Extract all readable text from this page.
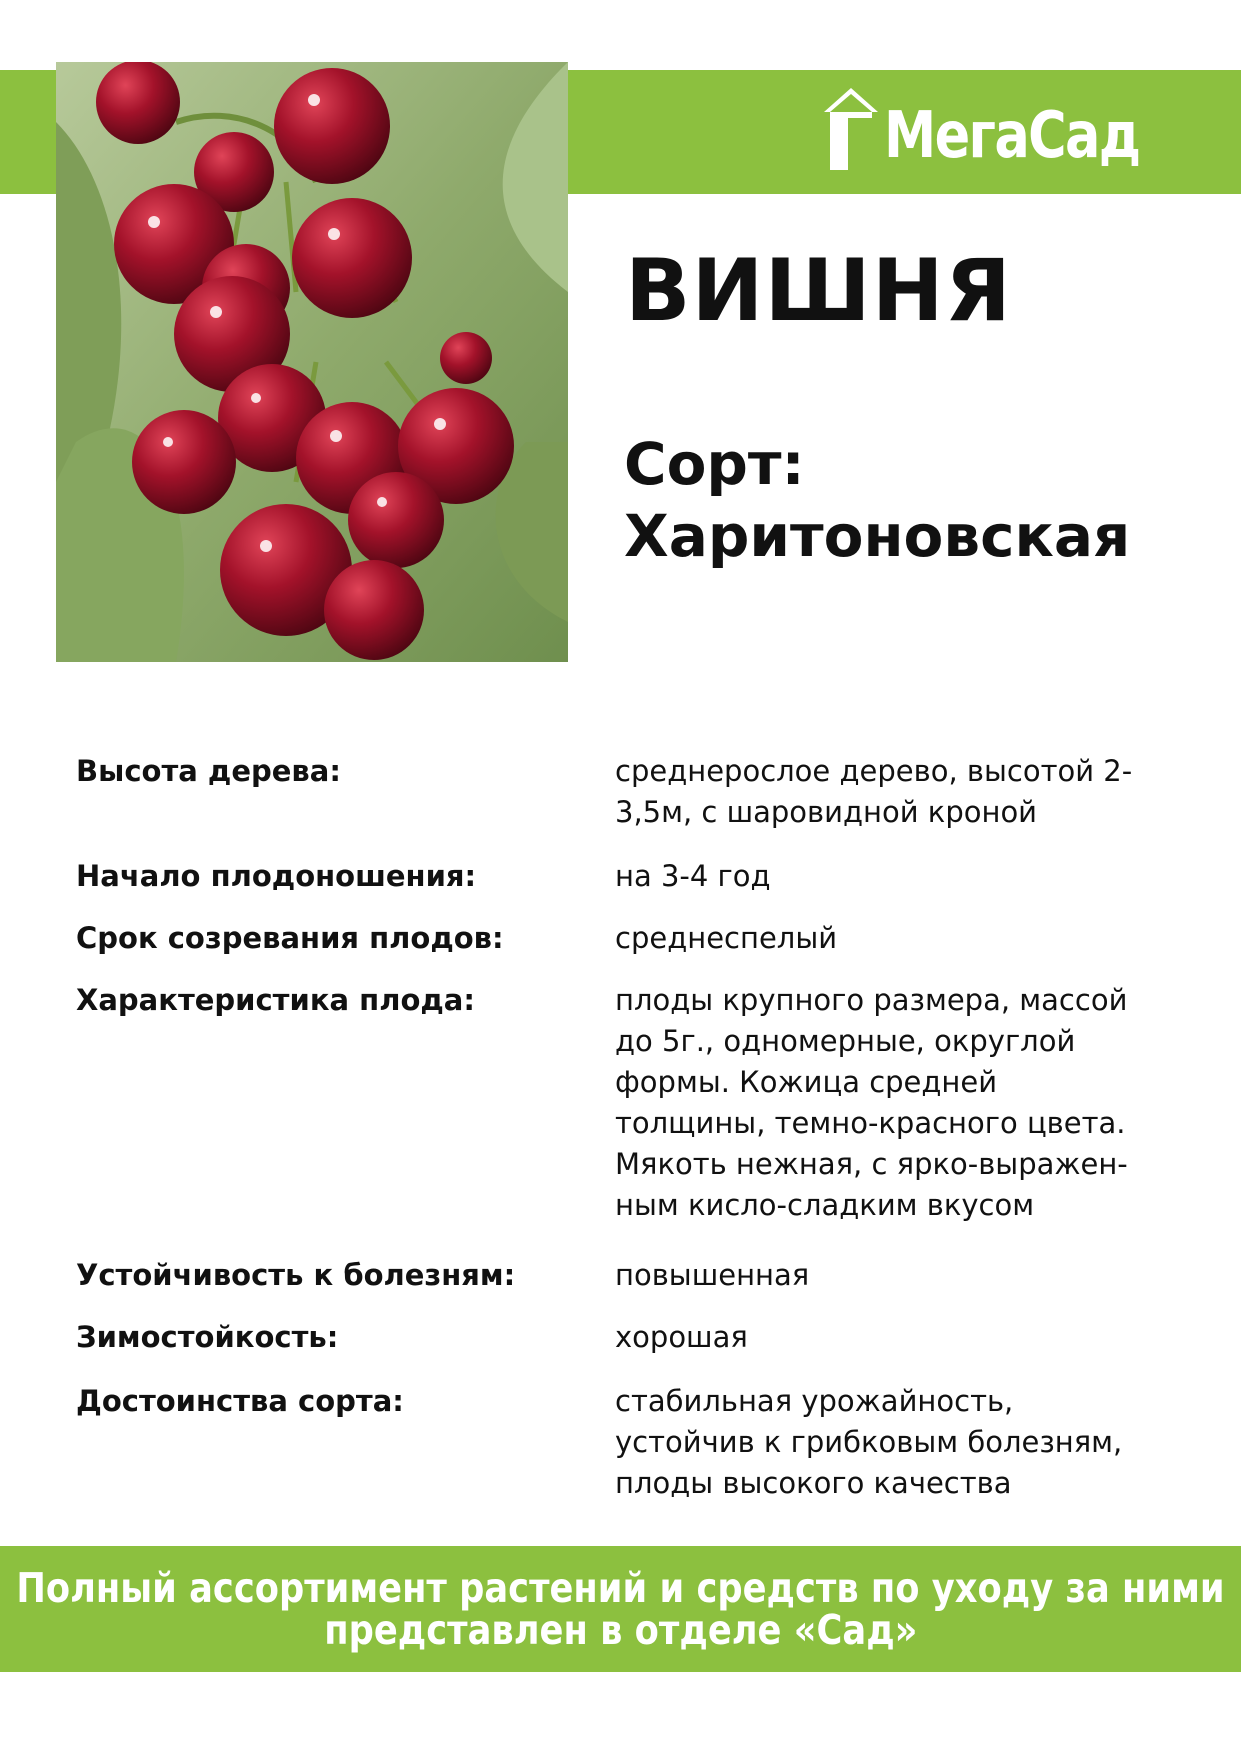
МегаСад
ВИШНЯ
Сорт:
Харитоновская

Высота дерева:	среднерослое дерево, высотой 2-
3,5м, с шаровидной кроной

Начало плодоношения:	на 3-4 год

Срок созревания плодов:	среднеспелый

Характеристика плода:	плоды крупного размера, массой
до 5г., одномерные, округлой
формы. Кожица средней
толщины, темно-красного цвета.
Мякоть нежная, с ярко-выражен-
ным кисло-сладким вкусом

Устойчивость к болезням:	повышенная

Зимостойкость:	хорошая

Достоинства сорта:	стабильная урожайность,
устойчив к грибковым болезням,
плоды высокого качества

Полный ассортимент растений и средств по уходу за ними
представлен в отделе «Сад»
